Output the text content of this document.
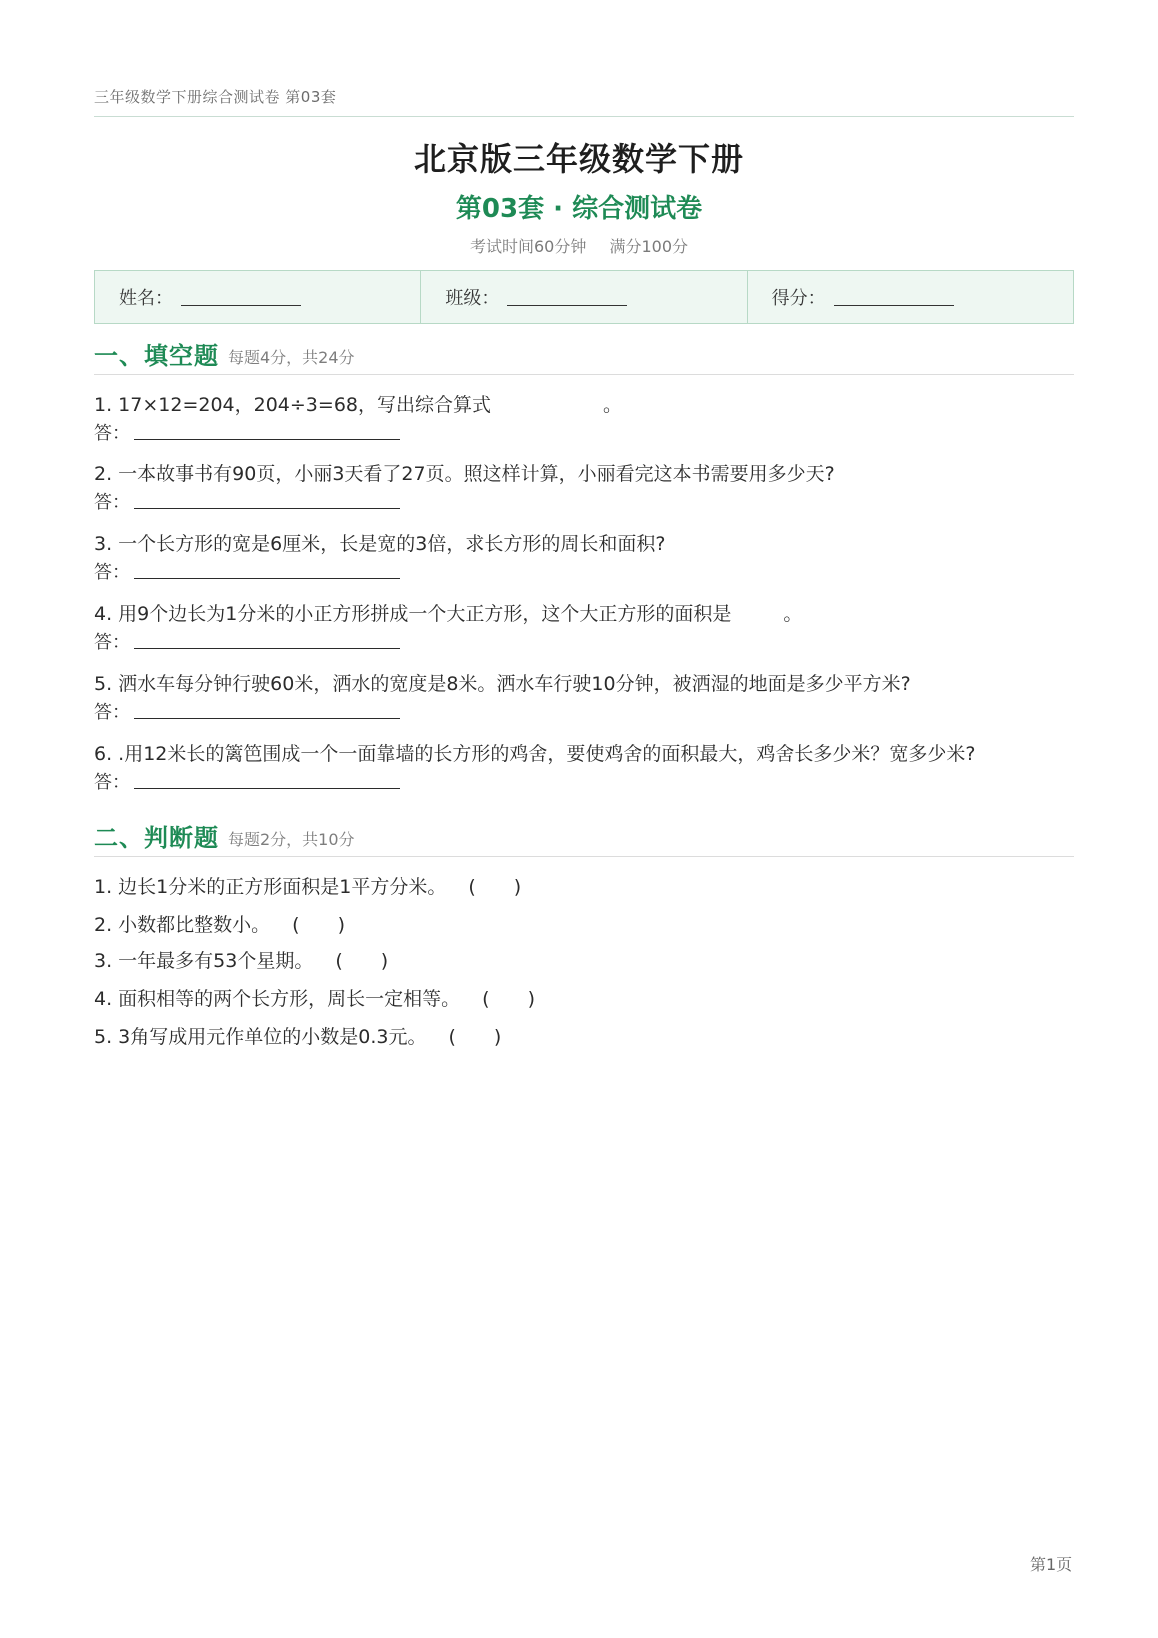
三年级数学下册综合测试卷 第03套
北京版三年级数学下册
第03套 · 综合测试卷
考试时间60分钟 满分100分
姓名：	班级：	得分：
一、填空题 每题4分，共24分
1. 17×12=204，204÷3=68，写出综合算式	。
答：
2. 一本故事书有90页，小丽3天看了27页。照这样计算，小丽看完这本书需要用多少天?
答：
3. 一个长方形的宽是6厘米，长是宽的3倍，求长方形的周长和面积?
答：
4. 用9个边长为1分米的小正方形拼成一个大正方形，这个大正方形的面积是	。
答：
5. 洒水车每分钟行驶60米，洒水的宽度是8米。洒水车行驶10分钟，被洒湿的地面是多少平方米?
答：
6. .用12米长的篱笆围成一个一面靠墙的长方形的鸡舍，要使鸡舍的面积最大，鸡舍长多少米？宽多少米?
答：
二、判断题 每题2分，共10分
1. 边长1分米的正方形面积是1平方分米。 (　　)
2. 小数都比整数小。 (　　)
3. 一年最多有53个星期。 (　　)
4. 面积相等的两个长方形，周长一定相等。 (　　)
5. 3角写成用元作单位的小数是0.3元。 (　　)
第1页
